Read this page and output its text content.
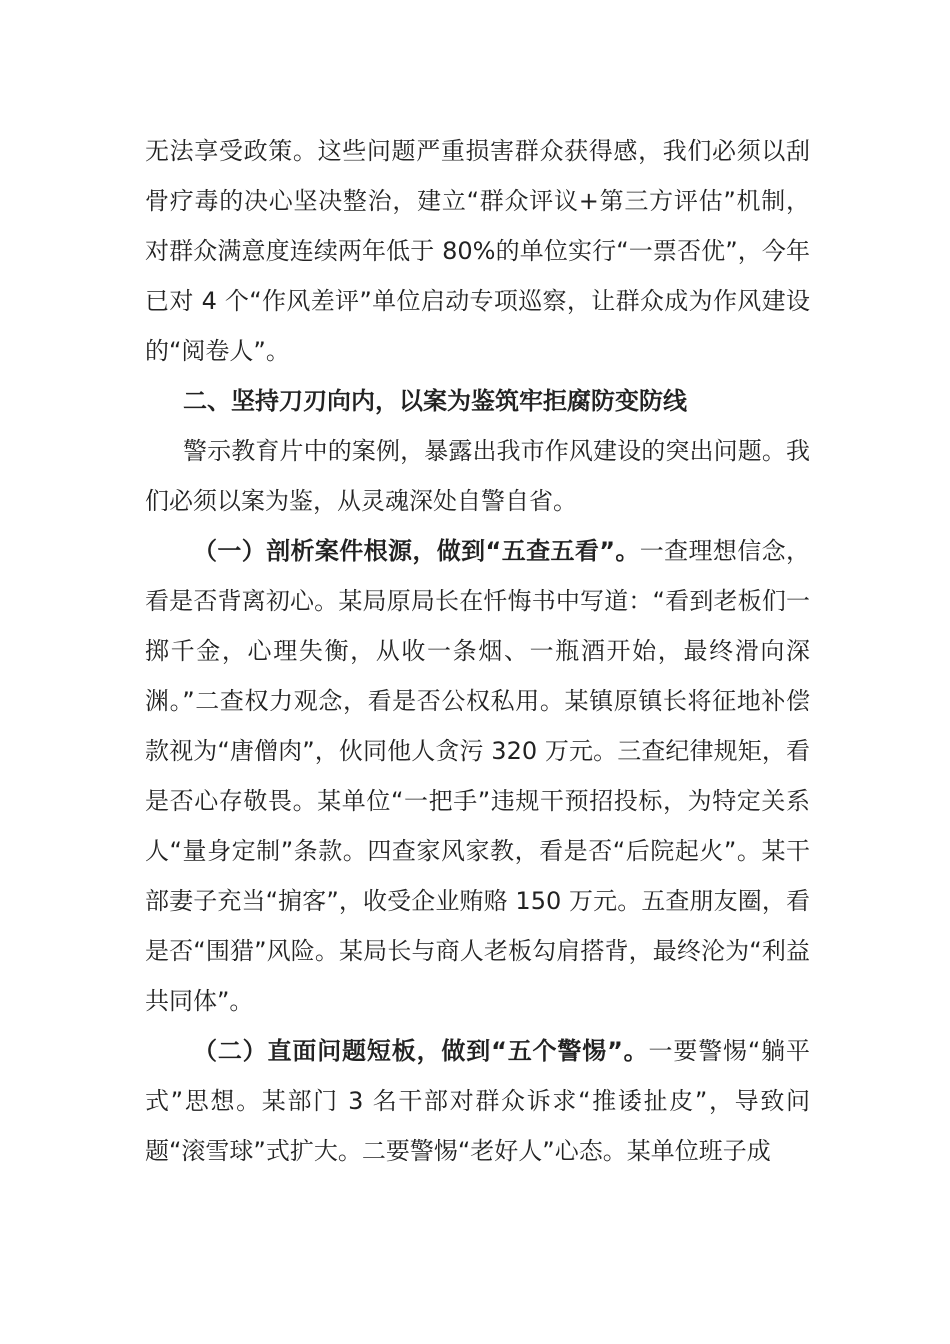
无法享受政策。这些问题严重损害群众获得感，我们必须以刮骨疗毒的决心坚决整治，建立“群众评议+第三方评估”机制，对群众满意度连续两年低于 80%的单位实行“一票否优”，今年已对 4 个“作风差评”单位启动专项巡察，让群众成为作风建设的“阅卷人”。

二、坚持刀刃向内，以案为鉴筑牢拒腐防变防线

警示教育片中的案例，暴露出我市作风建设的突出问题。我们必须以案为鉴，从灵魂深处自警自省。

（一）剖析案件根源，做到“五查五看”。一查理想信念，看是否背离初心。某局原局长在忏悔书中写道：“看到老板们一掷千金，心理失衡，从收一条烟、一瓶酒开始，最终滑向深渊。”二查权力观念，看是否公权私用。某镇原镇长将征地补偿款视为“唐僧肉”，伙同他人贪污 320 万元。三查纪律规矩，看是否心存敬畏。某单位“一把手”违规干预招投标，为特定关系人“量身定制”条款。四查家风家教，看是否“后院起火”。某干部妻子充当“掮客”，收受企业贿赂 150 万元。五查朋友圈，看是否“围猎”风险。某局长与商人老板勾肩搭背，最终沦为“利益共同体”。

（二）直面问题短板，做到“五个警惕”。一要警惕“躺平式”思想。某部门 3 名干部对群众诉求“推诿扯皮”，导致问题“滚雪球”式扩大。二要警惕“老好人”心态。某单位班子成
